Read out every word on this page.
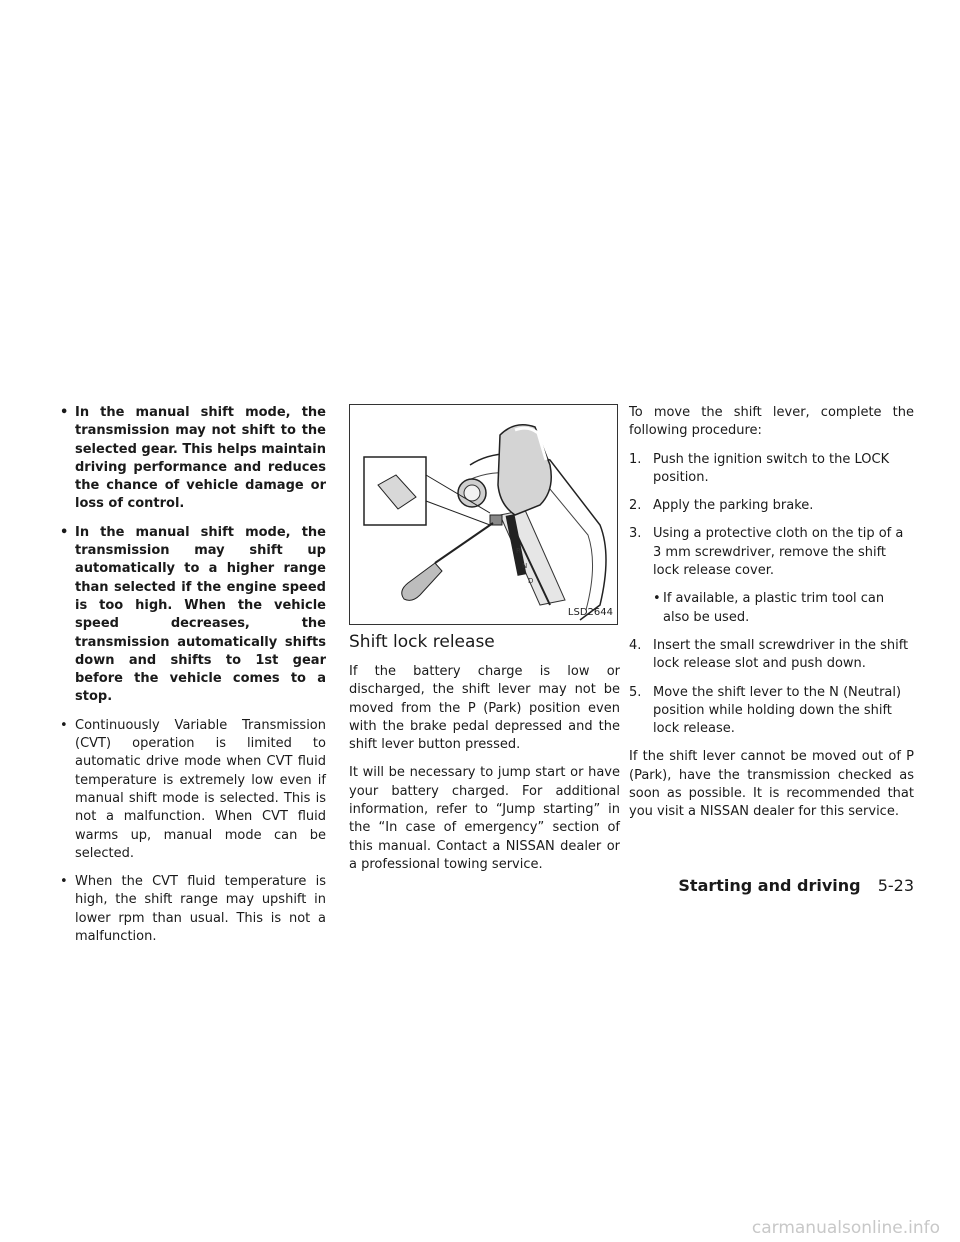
• In the manual shift mode, the transmission may not shift to the selected gear. This helps maintain driving performance and reduces the chance of vehicle damage or loss of control.
• In the manual shift mode, the transmission may shift up automatically to a higher range than selected if the engine speed is too high. When the vehicle speed decreases, the transmission automatically shifts down and shifts to 1st gear before the vehicle comes to a stop.
• Continuously Variable Transmission (CVT) operation is limited to automatic drive mode when CVT fluid temperature is extremely low even if manual shift mode is selected. This is not a malfunction. When CVT fluid warms up, manual mode can be selected.
• When the CVT fluid temperature is high, the shift range may upshift in lower rpm than usual. This is not a malfunction.
R
N
D
LSD2644
Shift lock release

If the battery charge is low or discharged, the shift lever may not be moved from the P (Park) position even with the brake pedal depressed and the shift lever button pressed.

It will be necessary to jump start or have your battery charged. For additional information, refer to “Jump starting” in the “In case of emergency” section of this manual. Contact a NISSAN dealer or a professional towing service.

To move the shift lever, complete the following procedure:

1. Push the ignition switch to the LOCK position.
2. Apply the parking brake.
3. Using a protective cloth on the tip of a 3 mm screwdriver, remove the shift lock release cover.
• If available, a plastic trim tool can also be used.
4. Insert the small screwdriver in the shift lock release slot and push down.
5. Move the shift lever to the N (Neutral) position while holding down the shift lock release.

If the shift lever cannot be moved out of P (Park), have the transmission checked as soon as possible. It is recommended that you visit a NISSAN dealer for this service.

Starting and driving 5-23
carmanualsonline.info
